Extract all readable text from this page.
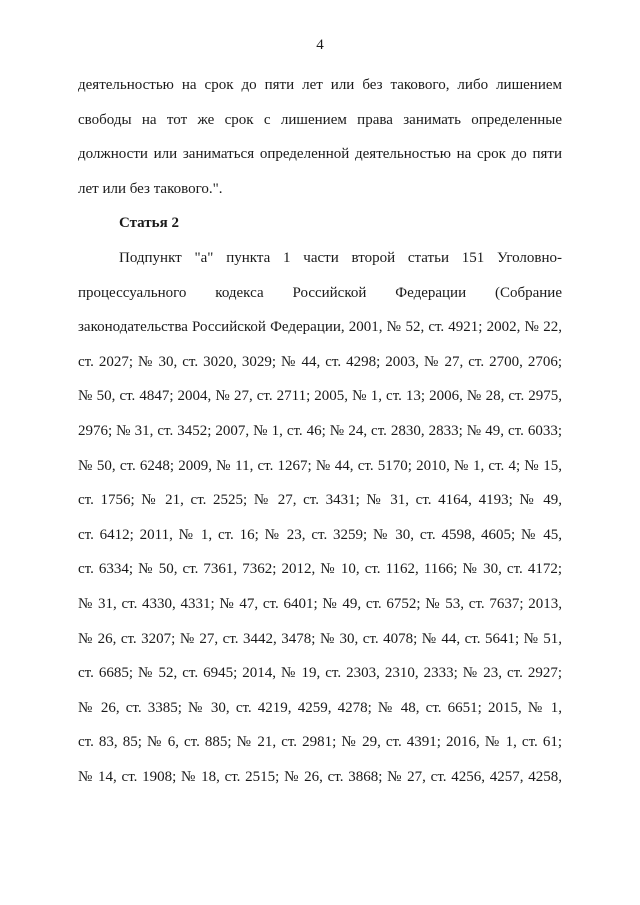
4
деятельностью на срок до пяти лет или без такового, либо лишением
свободы на тот же срок с лишением права занимать определенные
должности или заниматься определенной деятельностью на срок до пяти
лет или без такового.".
Статья 2
Подпункт "а" пункта 1 части второй статьи 151 Уголовно-
процессуального кодекса Российской Федерации (Собрание
законодательства Российской Федерации, 2001, № 52, ст. 4921; 2002, № 22,
ст. 2027; № 30, ст. 3020, 3029; № 44, ст. 4298; 2003, № 27, ст. 2700, 2706;
№ 50, ст. 4847; 2004, № 27, ст. 2711; 2005, № 1, ст. 13; 2006, № 28, ст. 2975,
2976; № 31, ст. 3452; 2007, № 1, ст. 46; № 24, ст. 2830, 2833; № 49, ст. 6033;
№ 50, ст. 6248; 2009, № 11, ст. 1267; № 44, ст. 5170; 2010, № 1, ст. 4; № 15,
ст. 1756; № 21, ст. 2525; № 27, ст. 3431; № 31, ст. 4164, 4193; № 49,
ст. 6412; 2011, № 1, ст. 16; № 23, ст. 3259; № 30, ст. 4598, 4605; № 45,
ст. 6334; № 50, ст. 7361, 7362; 2012, № 10, ст. 1162, 1166; № 30, ст. 4172;
№ 31, ст. 4330, 4331; № 47, ст. 6401; № 49, ст. 6752; № 53, ст. 7637; 2013,
№ 26, ст. 3207; № 27, ст. 3442, 3478; № 30, ст. 4078; № 44, ст. 5641; № 51,
ст. 6685; № 52, ст. 6945; 2014, № 19, ст. 2303, 2310, 2333; № 23, ст. 2927;
№ 26, ст. 3385; № 30, ст. 4219, 4259, 4278; № 48, ст. 6651; 2015, № 1,
ст. 83, 85; № 6, ст. 885; № 21, ст. 2981; № 29, ст. 4391; 2016, № 1, ст. 61;
№ 14, ст. 1908; № 18, ст. 2515; № 26, ст. 3868; № 27, ст. 4256, 4257, 4258,
